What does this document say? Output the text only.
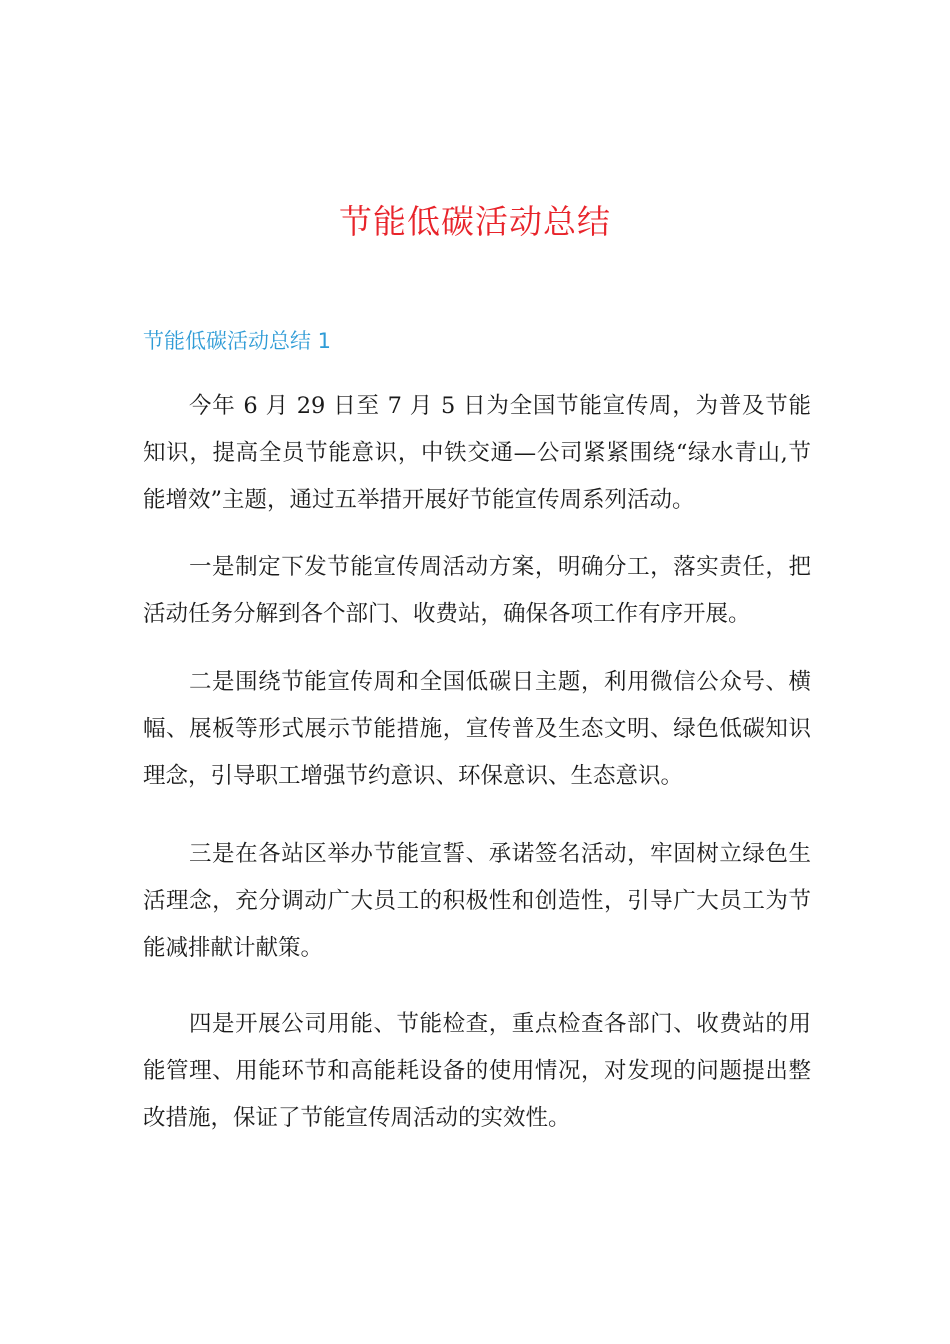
节能低碳活动总结
节能低碳活动总结 1

今年 6 月 29 日至 7 月 5 日为全国节能宣传周，为普及节能知识，提高全员节能意识，中铁交通—公司紧紧围绕“绿水青山,节能增效”主题，通过五举措开展好节能宣传周系列活动。

一是制定下发节能宣传周活动方案，明确分工，落实责任，把活动任务分解到各个部门、收费站，确保各项工作有序开展。

二是围绕节能宣传周和全国低碳日主题，利用微信公众号、横幅、展板等形式展示节能措施，宣传普及生态文明、绿色低碳知识理念，引导职工增强节约意识、环保意识、生态意识。

三是在各站区举办节能宣誓、承诺签名活动，牢固树立绿色生活理念，充分调动广大员工的积极性和创造性，引导广大员工为节能减排献计献策。

四是开展公司用能、节能检查，重点检查各部门、收费站的用能管理、用能环节和高能耗设备的使用情况，对发现的问题提出整改措施，保证了节能宣传周活动的实效性。
